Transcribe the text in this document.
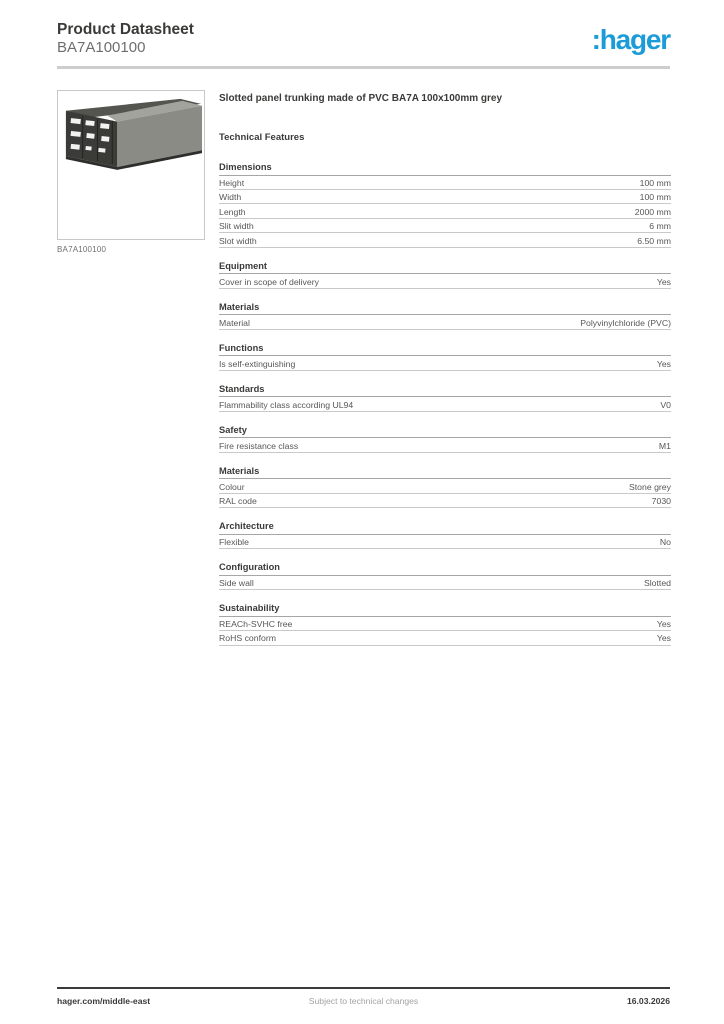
Product Datasheet
BA7A100100	:hager
BA7A100100
Slotted panel trunking made of PVC BA7A 100x100mm grey
Technical Features
Dimensions
Height	100 mm
Width	100 mm
Length	2000 mm
Slit width	6 mm
Slot width	6.50 mm
Equipment
Cover in scope of delivery	Yes
Materials
Material	Polyvinylchloride (PVC)
Functions
Is self-extinguishing	Yes
Standards
Flammability class according UL94	V0
Safety
Fire resistance class	M1
Materials
Colour	Stone grey
RAL code	7030
Architecture
Flexible	No
Configuration
Side wall	Slotted
Sustainability
REACh-SVHC free	Yes
RoHS conform	Yes
hager.com/middle-east	Subject to technical changes	16.03.2026
